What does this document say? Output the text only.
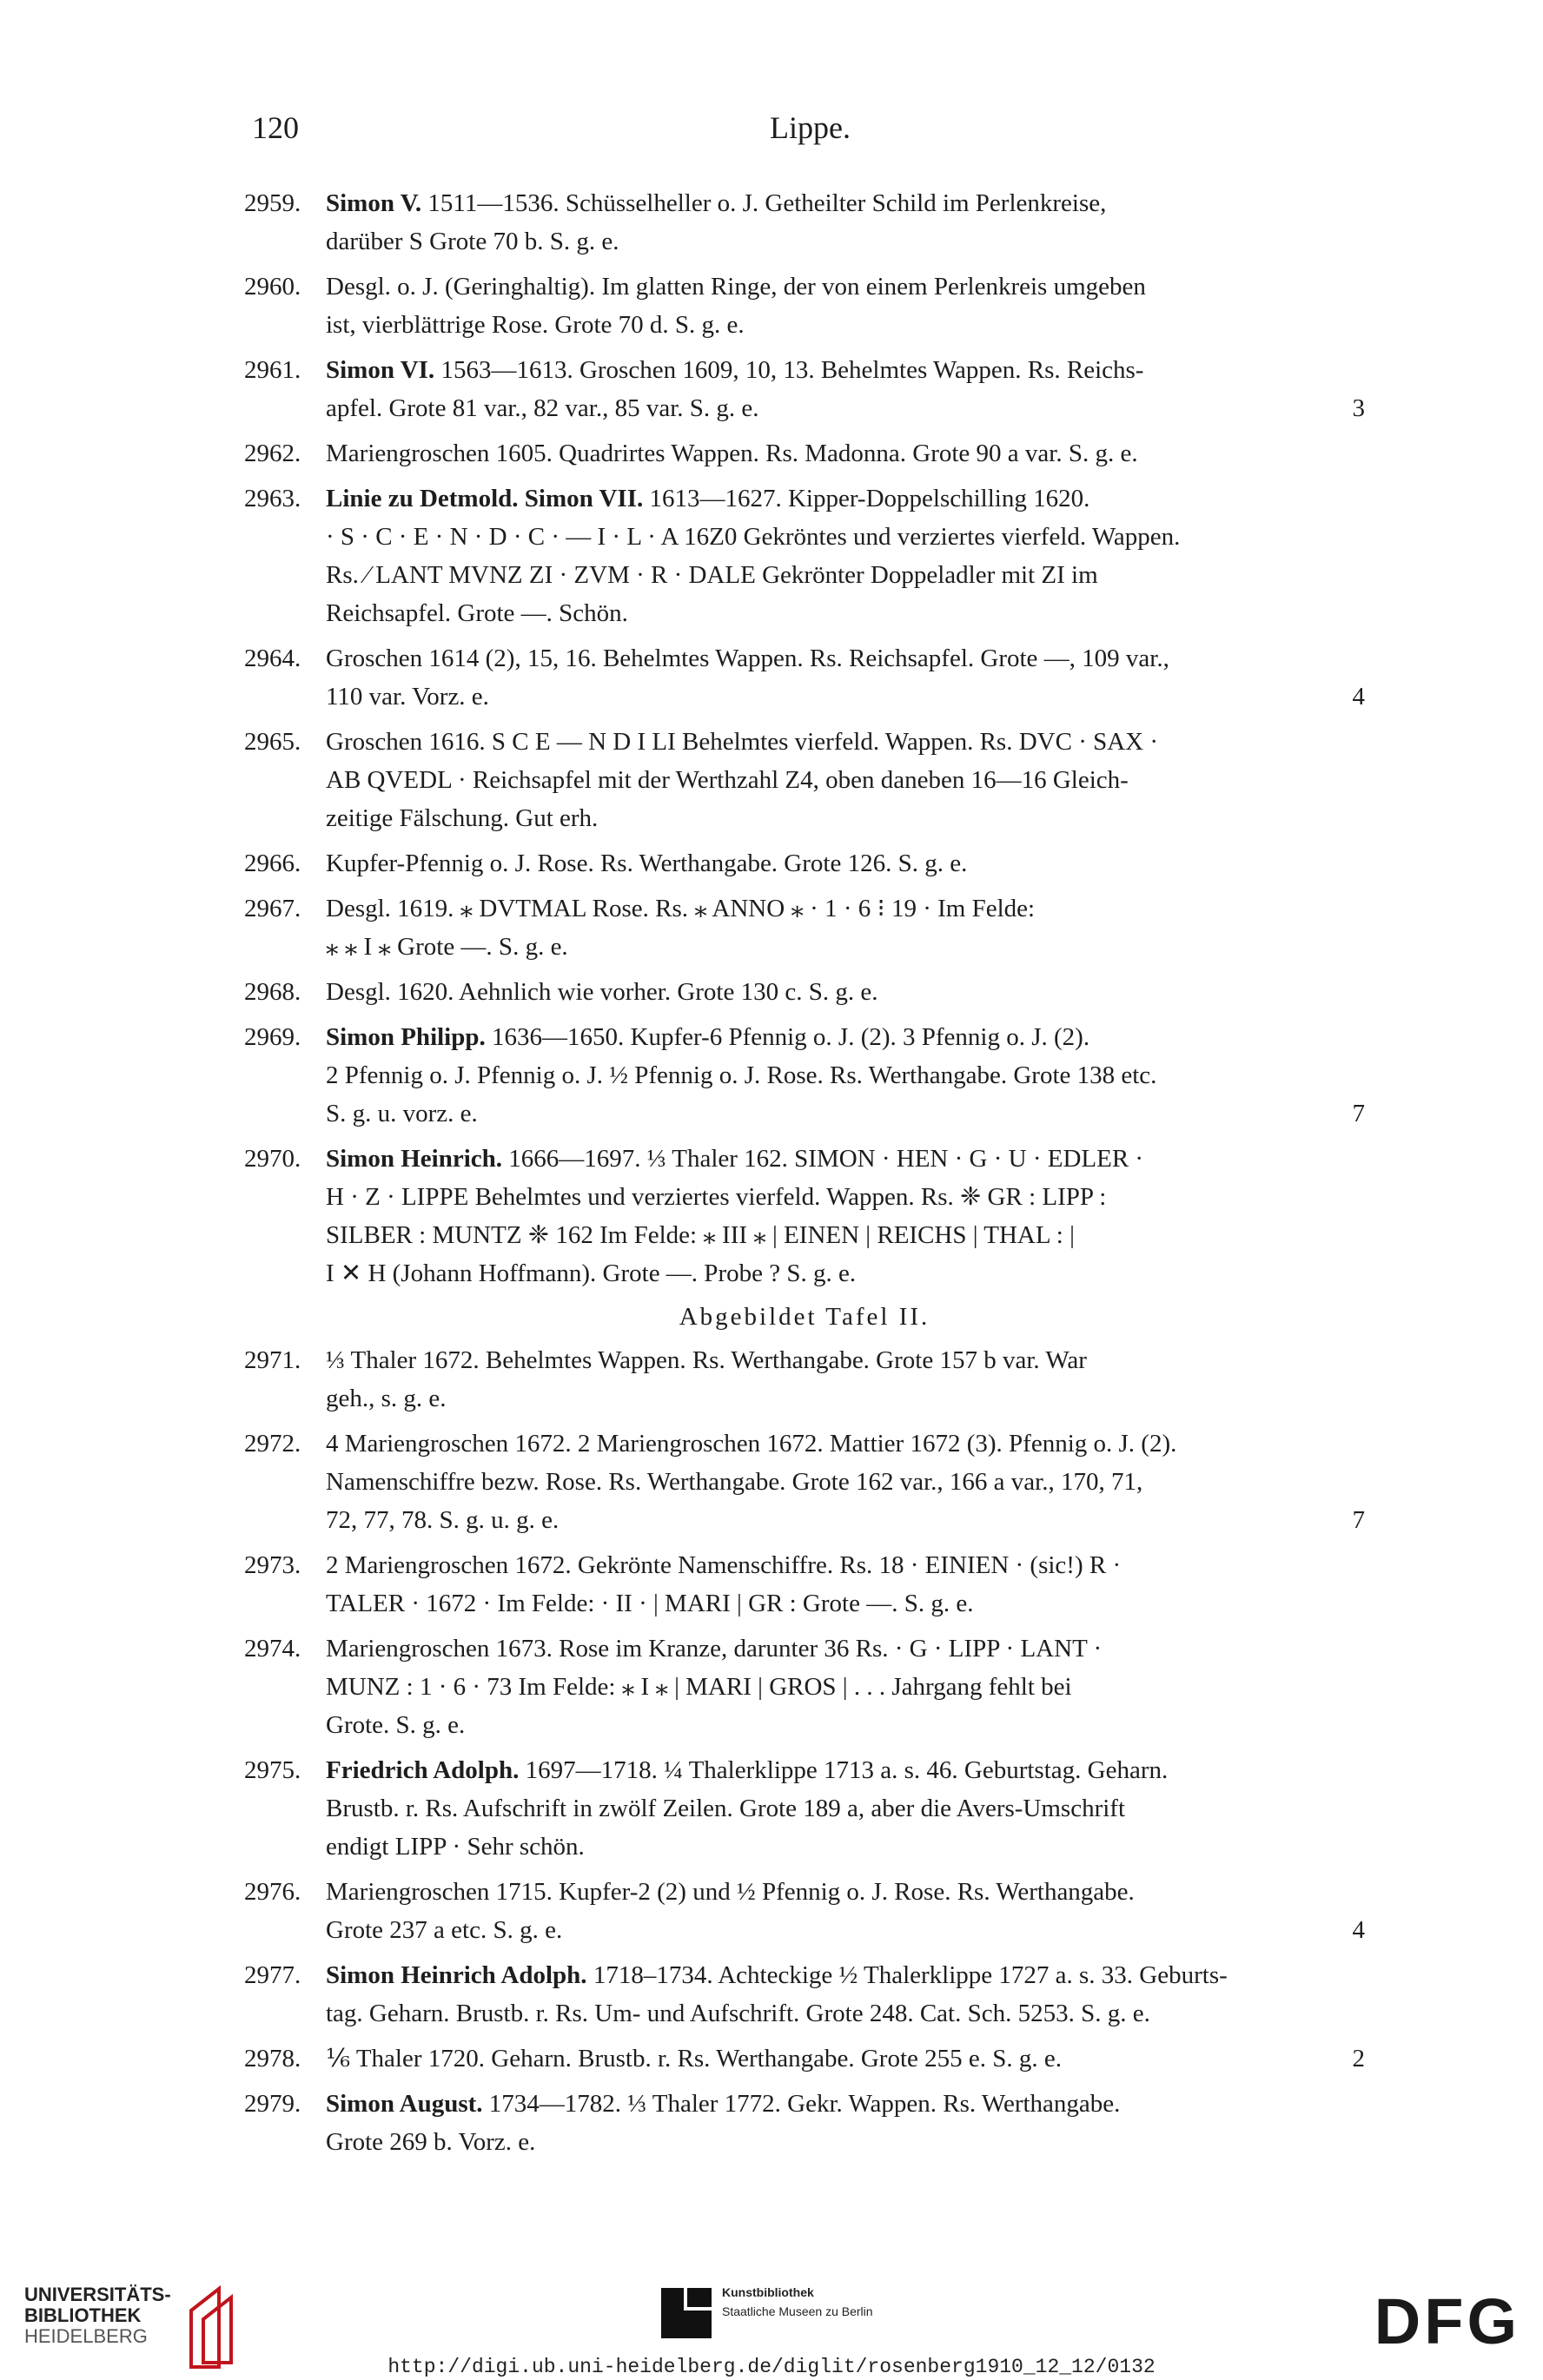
120	Lippe.
2959. Simon V. 1511—1536. Schüsselheller o. J. Getheilter Schild im Perlenkreise,
darüber S Grote 70 b. S. g. e.
2960. Desgl. o. J. (Geringhaltig). Im glatten Ringe, der von einem Perlenkreis umgeben
ist, vierblättrige Rose. Grote 70 d. S. g. e.
2961. Simon VI. 1563—1613. Groschen 1609, 10, 13. Behelmtes Wappen. Rs. Reichs-
apfel. Grote 81 var., 82 var., 85 var. S. g. e.	3
2962. Mariengroschen 1605. Quadrirtes Wappen. Rs. Madonna. Grote 90 a var. S. g. e.
2963. Linie zu Detmold. Simon VII. 1613—1627. Kipper-Doppelschilling 1620.
· S · C · E · N · D · C · — I · L · A 16Z0 Gekröntes und verziertes vierfeld. Wappen.
Rs. ⁄ LANT MVNZ ZI · ZVM · R · DALE Gekrönter Doppeladler mit ZI im
Reichsapfel. Grote —. Schön.
2964. Groschen 1614 (2), 15, 16. Behelmtes Wappen. Rs. Reichsapfel. Grote —, 109 var.,
110 var. Vorz. e.	4
2965. Groschen 1616. S C E — N D I LI Behelmtes vierfeld. Wappen. Rs. DVC · SAX ·
AB QVEDL · Reichsapfel mit der Werthzahl Z4, oben daneben 16—16 Gleich-
zeitige Fälschung. Gut erh.
2966. Kupfer-Pfennig o. J. Rose. Rs. Werthangabe. Grote 126. S. g. e.
2967. Desgl. 1619. ⁎ DVTMAL Rose. Rs. ⁎ ANNO ⁎ · 1 · 6 ⁝ 19 · Im Felde:
⁎ ⁎ I ⁎ Grote —. S. g. e.
2968. Desgl. 1620. Aehnlich wie vorher. Grote 130 c. S. g. e.
2969. Simon Philipp. 1636—1650. Kupfer-6 Pfennig o. J. (2). 3 Pfennig o. J. (2).
2 Pfennig o. J. Pfennig o. J. ½ Pfennig o. J. Rose. Rs. Werthangabe. Grote 138 etc.
S. g. u. vorz. e.	7
2970. Simon Heinrich. 1666—1697. ⅓ Thaler 162. SIMON · HEN · G · U · EDLER ·
H · Z · LIPPE Behelmtes und verziertes vierfeld. Wappen. Rs. ❈ GR : LIPP :
SILBER : MUNTZ ❈ 162 Im Felde: ⁎ III ⁎ | EINEN | REICHS | THAL : |
I ✕ H (Johann Hoffmann). Grote —. Probe ? S. g. e.
Abgebildet Tafel II.
2971. ⅓ Thaler 1672. Behelmtes Wappen. Rs. Werthangabe. Grote 157 b var. War
geh., s. g. e.
2972. 4 Mariengroschen 1672. 2 Mariengroschen 1672. Mattier 1672 (3). Pfennig o. J. (2).
Namenschiffre bezw. Rose. Rs. Werthangabe. Grote 162 var., 166 a var., 170, 71,
72, 77, 78. S. g. u. g. e.	7
2973. 2 Mariengroschen 1672. Gekrönte Namenschiffre. Rs. 18 · EINIEN · (sic!) R ·
TALER · 1672 · Im Felde: · II · | MARI | GR : Grote —. S. g. e.
2974. Mariengroschen 1673. Rose im Kranze, darunter 36 Rs. · G · LIPP · LANT ·
MUNZ : 1 · 6 · 73 Im Felde: ⁎ I ⁎ | MARI | GROS | . . . Jahrgang fehlt bei
Grote. S. g. e.
2975. Friedrich Adolph. 1697—1718. ¼ Thalerklippe 1713 a. s. 46. Geburtstag. Geharn.
Brustb. r. Rs. Aufschrift in zwölf Zeilen. Grote 189 a, aber die Avers-Umschrift
endigt LIPP · Sehr schön.
2976. Mariengroschen 1715. Kupfer-2 (2) und ½ Pfennig o. J. Rose. Rs. Werthangabe.
Grote 237 a etc. S. g. e.	4
2977. Simon Heinrich Adolph. 1718–1734. Achteckige ½ Thalerklippe 1727 a. s. 33. Geburts-
tag. Geharn. Brustb. r. Rs. Um- und Aufschrift. Grote 248. Cat. Sch. 5253. S. g. e.
2978. ⅙ Thaler 1720. Geharn. Brustb. r. Rs. Werthangabe. Grote 255 e. S. g. e.	2
2979. Simon August. 1734—1782. ⅓ Thaler 1772. Gekr. Wappen. Rs. Werthangabe.
Grote 269 b. Vorz. e.
UNIVERSITÄTS-
BIBLIOTHEK
HEIDELBERG
Kunstbibliothek
Staatliche Museen zu Berlin	DFG
http://digi.ub.uni-heidelberg.de/diglit/rosenberg1910_12_12/0132
